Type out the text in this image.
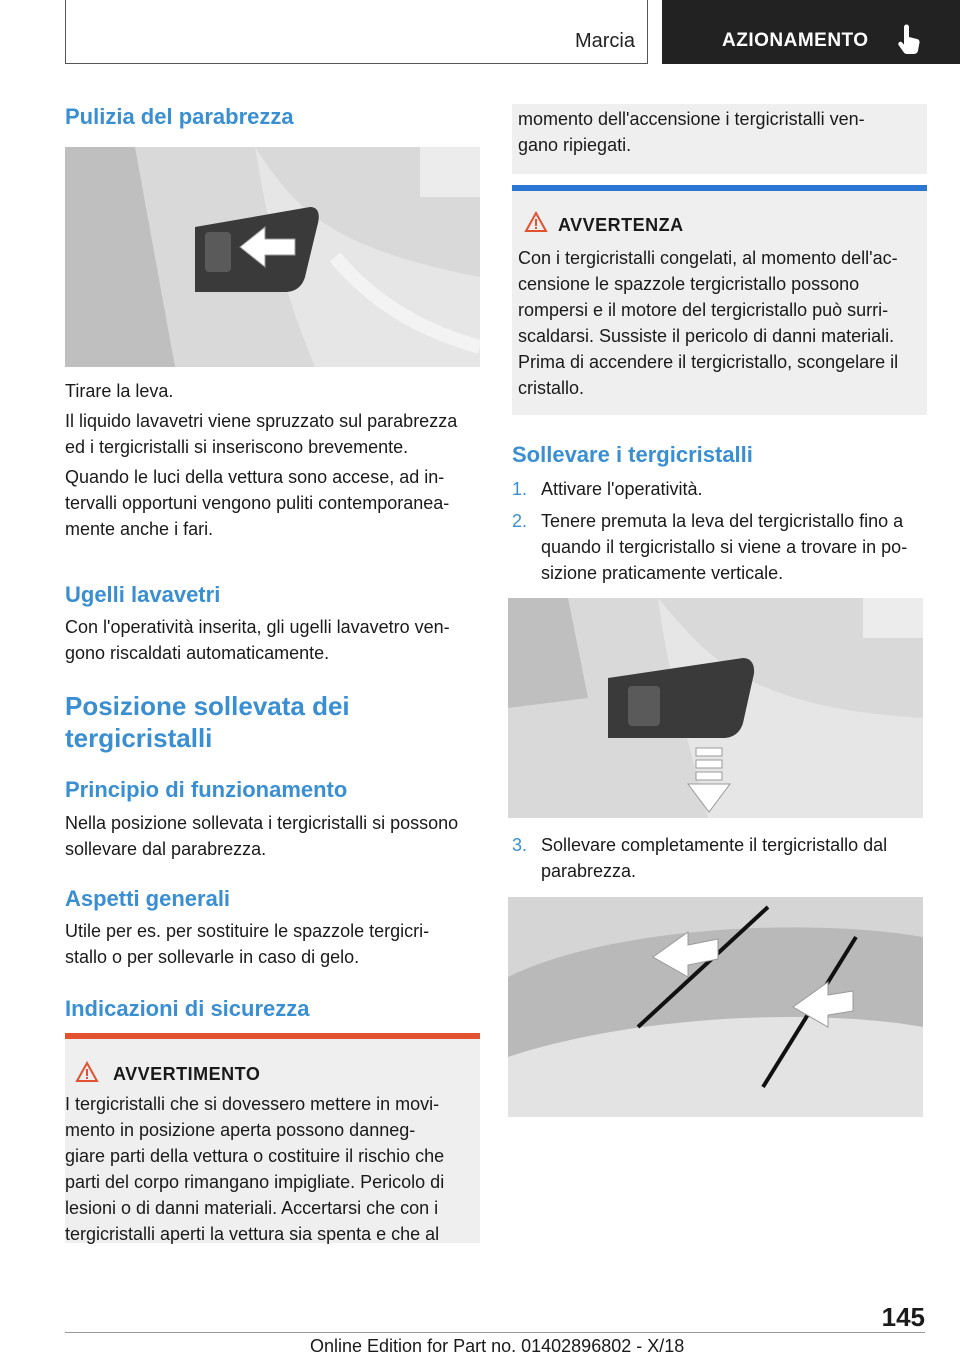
Marcia	AZIONAMENTO
Pulizia del parabrezza
Tirare la leva.
Il liquido lavavetri viene spruzzato sul parabrezza
ed i tergicristalli si inseriscono brevemente.
Quando le luci della vettura sono accese, ad in-
tervalli opportuni vengono puliti contemporanea-
mente anche i fari.
Ugelli lavavetri
Con l'operatività inserita, gli ugelli lavavetro ven-
gono riscaldati automaticamente.
Posizione sollevata dei
tergicristalli
Principio di funzionamento
Nella posizione sollevata i tergicristalli si possono
sollevare dal parabrezza.
Aspetti generali
Utile per es. per sostituire le spazzole tergicri-
stallo o per sollevarle in caso di gelo.
Indicazioni di sicurezza
AVVERTIMENTO
I tergicristalli che si dovessero mettere in movi-
mento in posizione aperta possono danneg-
giare parti della vettura o costituire il rischio che
parti del corpo rimangano impigliate. Pericolo di
lesioni o di danni materiali. Accertarsi che con i
tergicristalli aperti la vettura sia spenta e che al
momento dell'accensione i tergicristalli ven-
gano ripiegati.
AVVERTENZA
Con i tergicristalli congelati, al momento dell'ac-
censione le spazzole tergicristallo possono
rompersi e il motore del tergicristallo può surri-
scaldarsi. Sussiste il pericolo di danni materiali.
Prima di accendere il tergicristallo, scongelare il
cristallo.
Sollevare i tergicristalli
1. Attivare l'operatività.
2. Tenere premuta la leva del tergicristallo fino a
quando il tergicristallo si viene a trovare in po-
sizione praticamente verticale.
3. Sollevare completamente il tergicristallo dal
parabrezza.
145
Online Edition for Part no. 01402896802 - X/18
